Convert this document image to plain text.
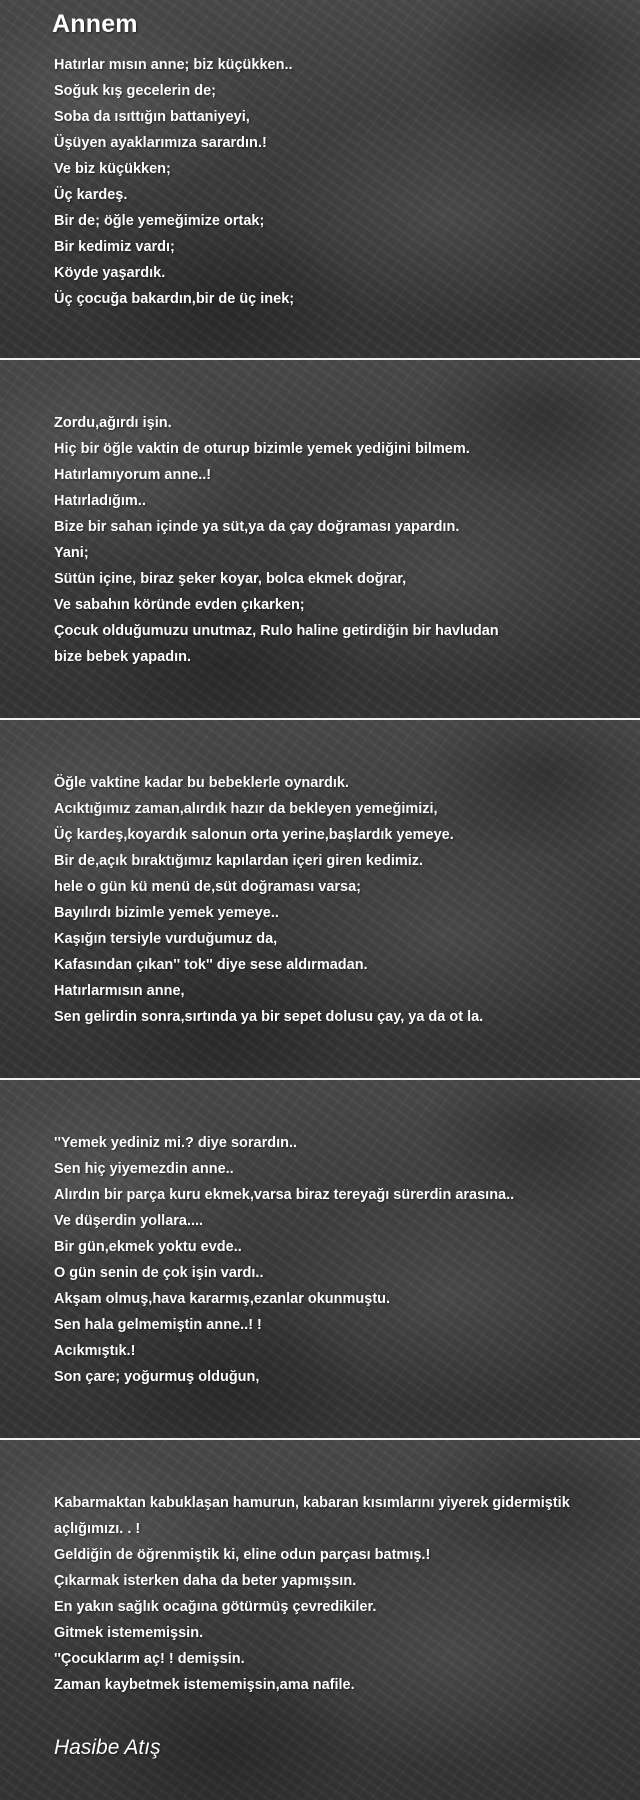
Annem
Hatırlar mısın anne; biz küçükken..
Soğuk kış gecelerin de;
Soba da ısıttığın battaniyeyi,
Üşüyen ayaklarımıza sarardın.!
Ve biz küçükken;
Üç kardeş.
Bir de; öğle yemeğimize ortak;
Bir kedimiz vardı;
Köyde yaşardık.
Üç çocuğa bakardın,bir de üç inek;
Zordu,ağırdı işin.
Hiç bir öğle vaktin de oturup bizimle yemek yediğini bilmem.
Hatırlamıyorum anne..!
Hatırladığım..
Bize bir sahan içinde ya süt,ya da çay doğraması yapardın.
Yani;
Sütün içine, biraz şeker koyar, bolca ekmek doğrar,
Ve sabahın köründe evden çıkarken;
Çocuk olduğumuzu unutmaz, Rulo haline getirdiğin bir havludan
bize bebek yapadın.
Öğle vaktine kadar bu bebeklerle oynardık.
Acıktığımız zaman,alırdık hazır da bekleyen yemeğimizi,
Üç kardeş,koyardık salonun orta yerine,başlardık yemeye.
Bir de,açık bıraktığımız kapılardan içeri giren kedimiz.
hele o gün kü menü de,süt doğraması varsa;
Bayılırdı bizimle yemek yemeye..
Kaşığın tersiyle vurduğumuz da,
Kafasından çıkan'' tok'' diye sese aldırmadan.
Hatırlarmısın anne,
Sen gelirdin sonra,sırtında ya bir sepet dolusu çay, ya da ot la.
''Yemek yediniz mi.? diye sorardın..
Sen hiç yiyemezdin anne..
Alırdın bir parça kuru ekmek,varsa biraz tereyağı sürerdin arasına..
Ve düşerdin yollara....
Bir gün,ekmek yoktu evde..
O gün senin de çok işin vardı..
Akşam olmuş,hava kararmış,ezanlar okunmuştu.
Sen hala gelmemiştin anne..! !
Acıkmıştık.!
Son çare; yoğurmuş olduğun,
Kabarmaktan kabuklaşan hamurun, kabaran kısımlarını yiyerek gidermiştik
açlığımızı. . !
Geldiğin de öğrenmiştik ki, eline odun parçası batmış.!
Çıkarmak isterken daha da beter yapmışsın.
En yakın sağlık ocağına götürmüş çevredikiler.
Gitmek istememişsin.
''Çocuklarım aç! ! demişsin.
Zaman kaybetmek istememişsin,ama nafile.

Hasibe Atış
